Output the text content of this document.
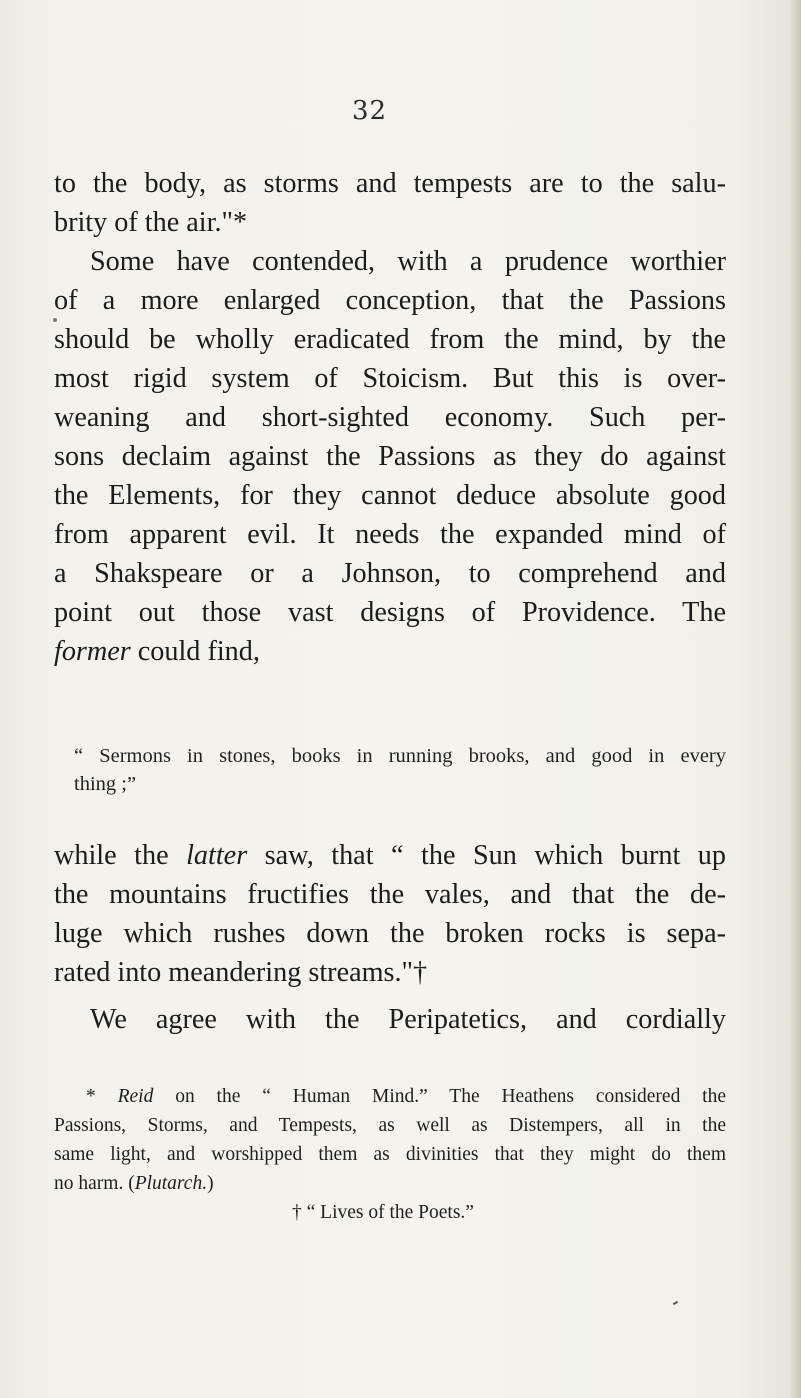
32
to the body, as storms and tempests are to the salu-
brity of the air."*
Some have contended, with a prudence worthier
of a more enlarged conception, that the Passions
should be wholly eradicated from the mind, by the
most rigid system of Stoicism. But this is over-
weaning and short-sighted economy. Such per-
sons declaim against the Passions as they do against
the Elements, for they cannot deduce absolute good
from apparent evil. It needs the expanded mind of
a Shakspeare or a Johnson, to comprehend and
point out those vast designs of Providence. The
former could find,
“ Sermons in stones, books in running brooks, and good in every
thing ;”
while the latter saw, that “ the Sun which burnt up
the mountains fructifies the vales, and that the de-
luge which rushes down the broken rocks is sepa-
rated into meandering streams."†
We agree with the Peripatetics, and cordially
* Reid on the “ Human Mind.” The Heathens considered the
Passions, Storms, and Tempests, as well as Distempers, all in the
same light, and worshipped them as divinities that they might do them
no harm. (Plutarch.)
† “ Lives of the Poets.”
